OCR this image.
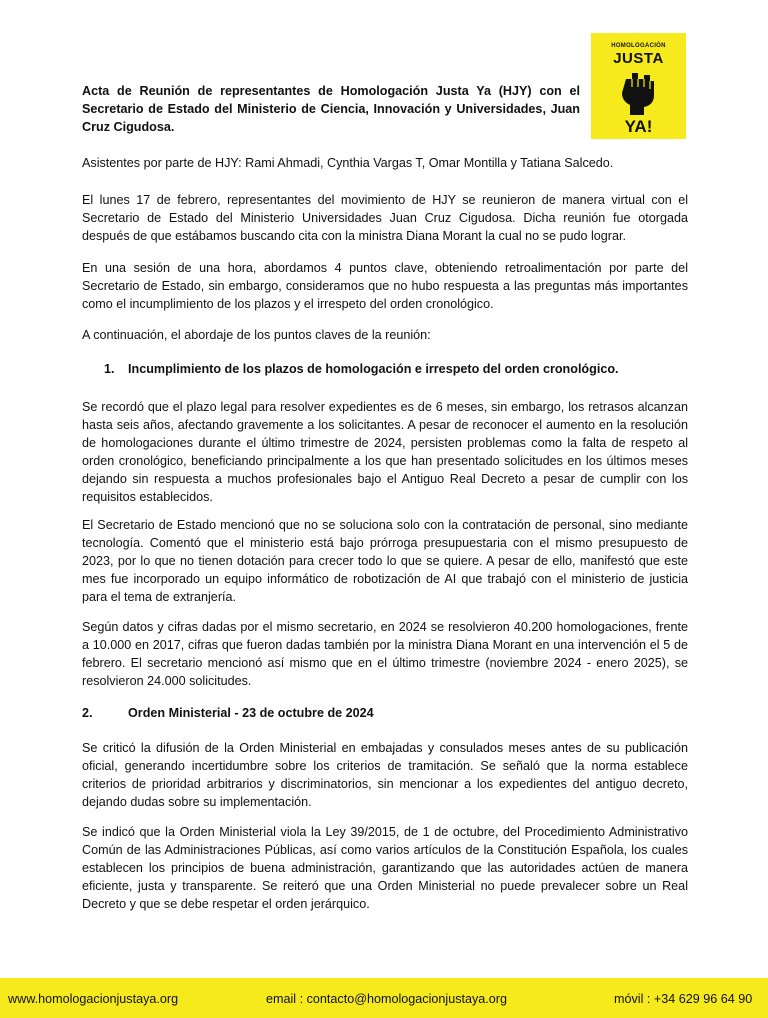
HOMOLOGACIÓN
JUSTA
YA!
Acta de Reunión de representantes de Homologación Justa Ya (HJY) con el Secretario de Estado del Ministerio de Ciencia, Innovación y Universidades, Juan Cruz Cigudosa.

Asistentes por parte de HJY: Rami Ahmadi, Cynthia Vargas T, Omar Montilla y Tatiana Salcedo.

El lunes 17 de febrero, representantes del movimiento de HJY se reunieron de manera virtual con el Secretario de Estado del Ministerio Universidades Juan Cruz Cigudosa. Dicha reunión fue otorgada después de que estábamos buscando cita con la ministra Diana Morant la cual no se pudo lograr.

En una sesión de una hora, abordamos 4 puntos clave, obteniendo retroalimentación por parte del Secretario de Estado, sin embargo, consideramos que no hubo respuesta a las preguntas más importantes como el incumplimiento de los plazos y el irrespeto del orden cronológico.

A continuación, el abordaje de los puntos claves de la reunión:

1. Incumplimiento de los plazos de homologación e irrespeto del orden cronológico.

Se recordó que el plazo legal para resolver expedientes es de 6 meses, sin embargo, los retrasos alcanzan hasta seis años, afectando gravemente a los solicitantes. A pesar de reconocer el aumento en la resolución de homologaciones durante el último trimestre de 2024, persisten problemas como la falta de respeto al orden cronológico, beneficiando principalmente a los que han presentado solicitudes en los últimos meses dejando sin respuesta a muchos profesionales bajo el Antiguo Real Decreto a pesar de cumplir con los requisitos establecidos.

El Secretario de Estado mencionó que no se soluciona solo con la contratación de personal, sino mediante tecnología. Comentó que el ministerio está bajo prórroga presupuestaria con el mismo presupuesto de 2023, por lo que no tienen dotación para crecer todo lo que se quiere. A pesar de ello, manifestó que este mes fue incorporado un equipo informático de robotización de AI que trabajó con el ministerio de justicia para el tema de extranjería.

Según datos y cifras dadas por el mismo secretario, en 2024 se resolvieron 40.200 homologaciones, frente a 10.000 en 2017, cifras que fueron dadas también por la ministra Diana Morant en una intervención el 5 de febrero. El secretario mencionó así mismo que en el último trimestre (noviembre 2024 - enero 2025), se resolvieron 24.000 solicitudes.

2.	Orden Ministerial - 23 de octubre de 2024

Se criticó la difusión de la Orden Ministerial en embajadas y consulados meses antes de su publicación oficial, generando incertidumbre sobre los criterios de tramitación. Se señaló que la norma establece criterios de prioridad arbitrarios y discriminatorios, sin mencionar a los expedientes del antiguo decreto, dejando dudas sobre su implementación.

Se indicó que la Orden Ministerial viola la Ley 39/2015, de 1 de octubre, del Procedimiento Administrativo Común de las Administraciones Públicas, así como varios artículos de la Constitución Española, los cuales establecen los principios de buena administración, garantizando que las autoridades actúen de manera eficiente, justa y transparente. Se reiteró que una Orden Ministerial no puede prevalecer sobre un Real Decreto y que se debe respetar el orden jerárquico.

www.homologacionjustaya.org	email : contacto@homologacionjustaya.org	móvil : +34 629 96 64 90
